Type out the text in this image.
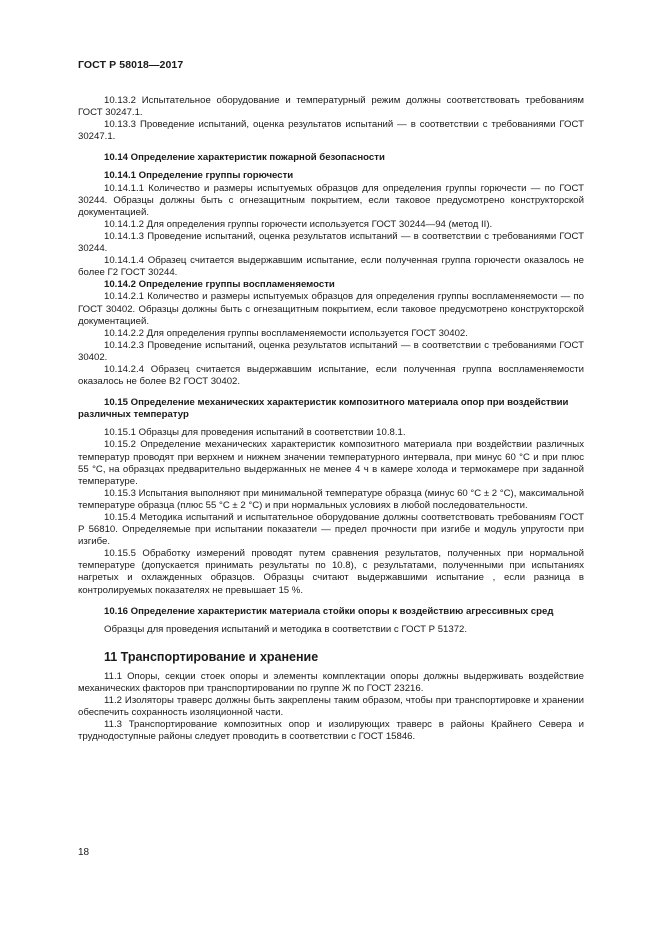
ГОСТ Р 58018—2017

10.13.2 Испытательное оборудование и температурный режим должны соответствовать требованиям ГОСТ 30247.1.

10.13.3 Проведение испытаний, оценка результатов испытаний — в соответствии с требованиями ГОСТ 30247.1.

10.14 Определение характеристик пожарной безопасности

10.14.1 Определение группы горючести

10.14.1.1 Количество и размеры испытуемых образцов для определения группы горючести — по ГОСТ 30244. Образцы должны быть с огнезащитным покрытием, если таковое предусмотрено конструкторской документацией.

10.14.1.2 Для определения группы горючести используется ГОСТ 30244—94 (метод II).

10.14.1.3 Проведение испытаний, оценка результатов испытаний — в соответствии с требованиями ГОСТ 30244.

10.14.1.4 Образец считается выдержавшим испытание, если полученная группа горючести оказалось не более Г2 ГОСТ 30244.

10.14.2 Определение группы воспламеняемости

10.14.2.1 Количество и размеры испытуемых образцов для определения группы воспламеняемости — по ГОСТ 30402. Образцы должны быть с огнезащитным покрытием, если таковое предусмотрено конструкторской документацией.

10.14.2.2 Для определения группы воспламеняемости используется ГОСТ 30402.

10.14.2.3 Проведение испытаний, оценка результатов испытаний — в соответствии с требованиями ГОСТ 30402.

10.14.2.4 Образец считается выдержавшим испытание, если полученная группа воспламеняемости оказалось не более В2 ГОСТ 30402.

10.15 Определение механических характеристик композитного материала опор при воздействии различных температур

10.15.1 Образцы для проведения испытаний в соответствии 10.8.1.

10.15.2 Определение механических характеристик композитного материала при воздействии различных температур проводят при верхнем и нижнем значении температурного интервала, при минус 60 °С и при плюс 55 °С, на образцах предварительно выдержанных не менее 4 ч в камере холода и термокамере при заданной температуре.

10.15.3 Испытания выполняют при минимальной температуре образца (минус 60 °С ± 2 °С), максимальной температуре образца (плюс 55 °С ± 2 °С) и при нормальных условиях в любой последовательности.

10.15.4 Методика испытаний и испытательное оборудование должны соответствовать требованиям ГОСТ Р 56810. Определяемые при испытании показатели — предел прочности при изгибе и модуль упругости при изгибе.

10.15.5 Обработку измерений проводят путем сравнения результатов, полученных при нормальной температуре (допускается принимать результаты по 10.8), с результатами, полученными при испытаниях нагретых и охлажденных образцов. Образцы считают выдержавшими испытание , если разница в контролируемых показателях не превышает 15 %.

10.16 Определение характеристик материала стойки опоры к воздействию агрессивных сред

Образцы для проведения испытаний и методика в соответствии с ГОСТ Р 51372.

11 Транспортирование и хранение

11.1 Опоры, секции стоек опоры и элементы комплектации опоры должны выдерживать воздействие механических факторов при транспортировании по группе Ж по ГОСТ 23216.

11.2 Изоляторы траверс должны быть закреплены таким образом, чтобы при транспортировке и хранении обеспечить сохранность изоляционной части.

11.3 Транспортирование композитных опор и изолирующих траверс в районы Крайнего Севера и труднодоступные районы следует проводить в соответствии с ГОСТ 15846.

18
